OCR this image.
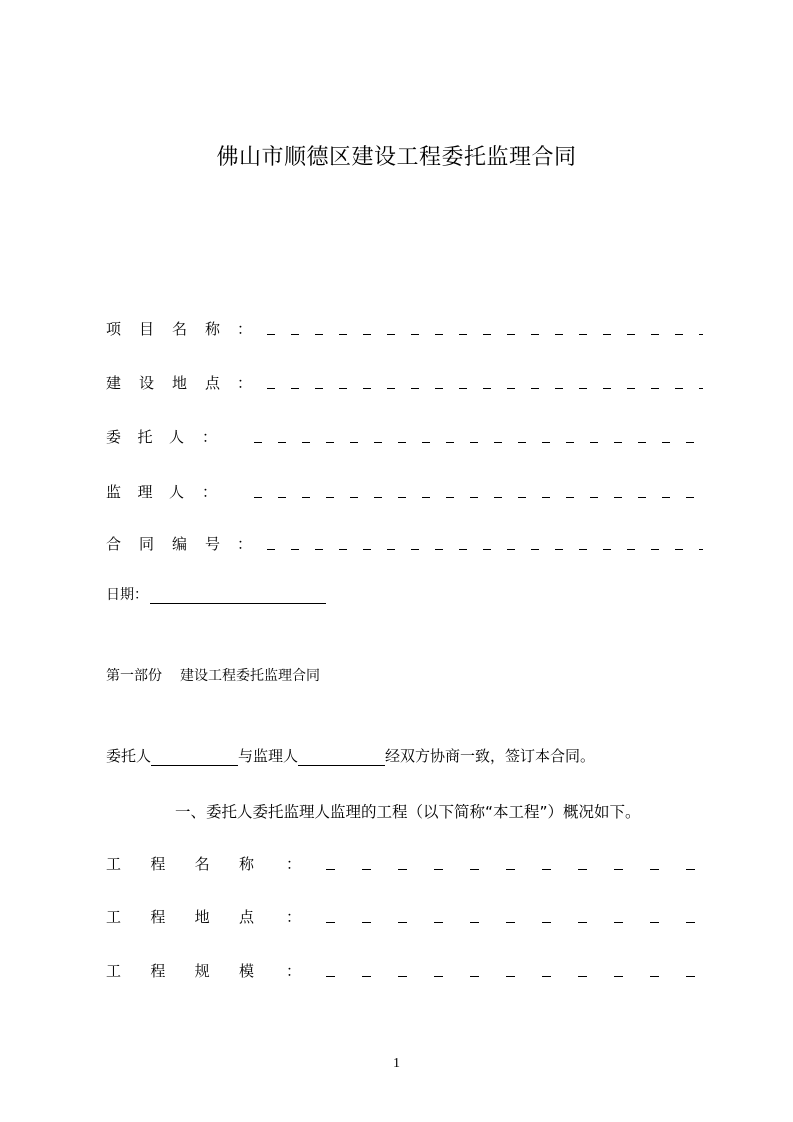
佛山市顺德区建设工程委托监理合同
项 目 名 称 ：
建 设 地 点 ：
委 托 人 ：
监 理 人 ：
合 同 编 号 ：
日期：
第一部份 建设工程委托监理合同
委托人	与监理人	经双方协商一致，签订本合同。
一、委托人委托监理人监理的工程（以下简称“本工程”）概况如下。
工 程 名 称 ：
工 程 地 点 ：
工 程 规 模 ：
1
